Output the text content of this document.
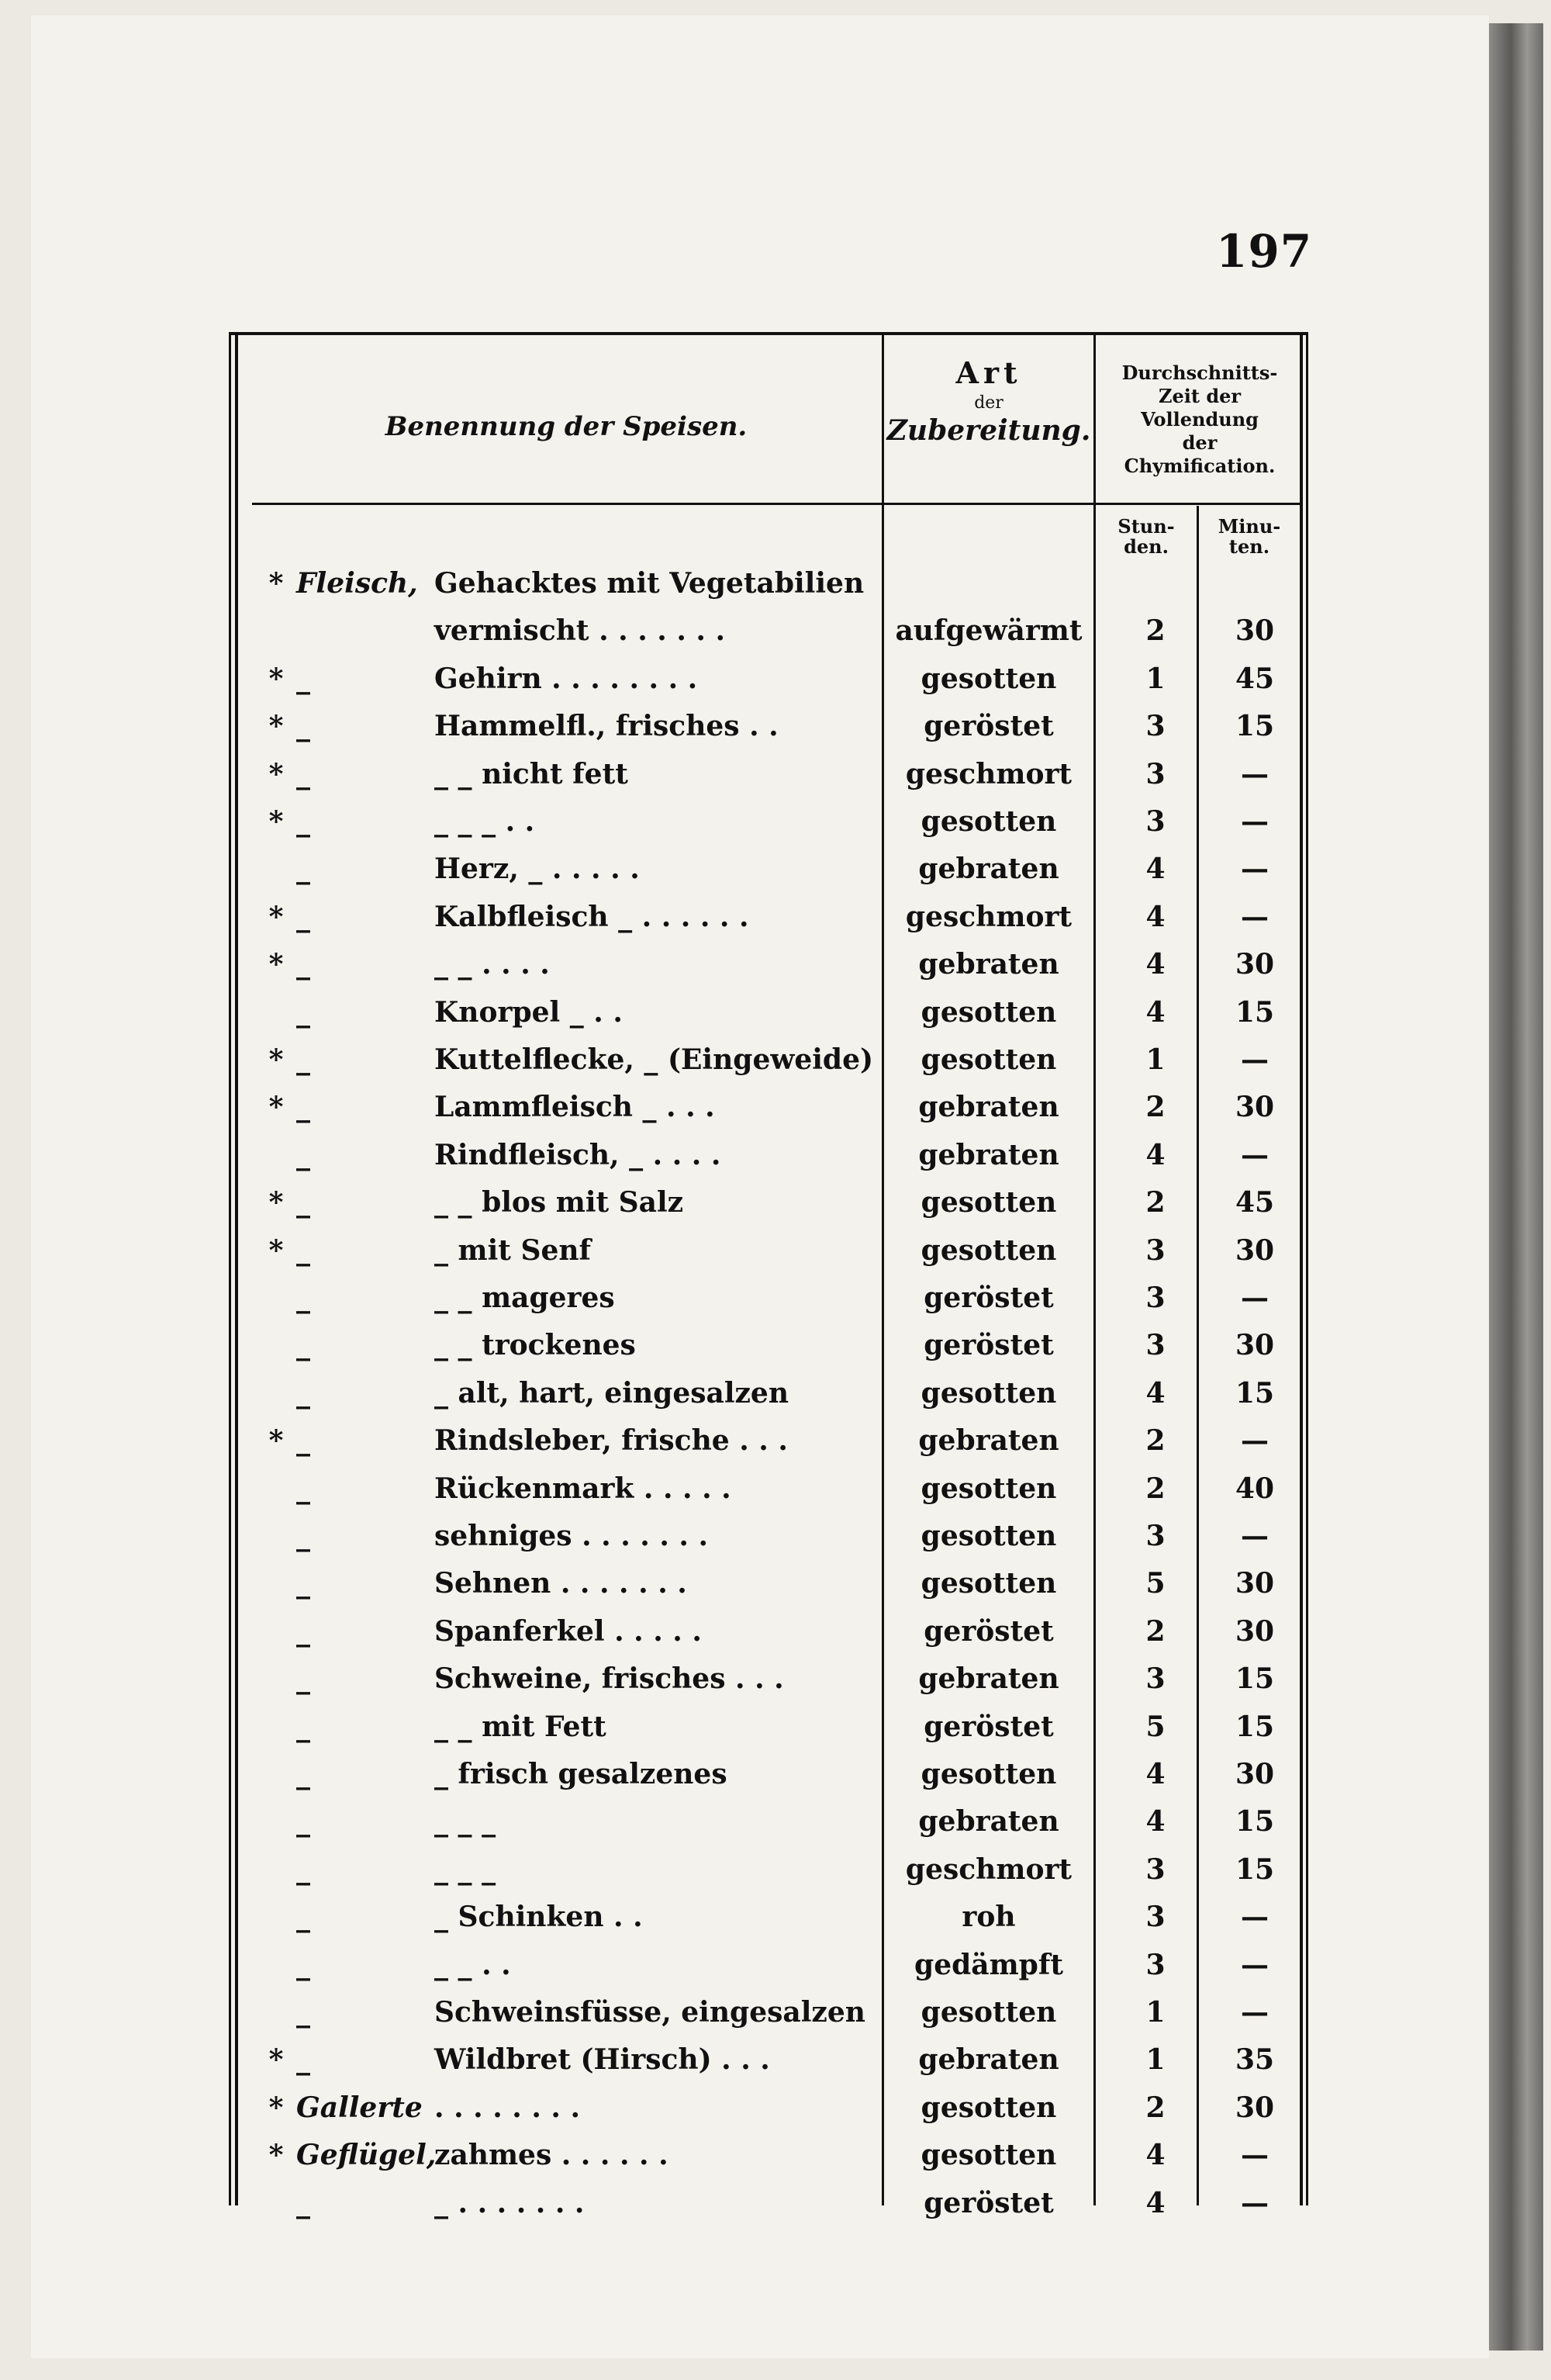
197
Benennung der Speisen.
Art
der
Zubereitung.
Durchschnitts-
Zeit der
Vollendung
der
Chymification.
Stun-
den.
Minu-
ten.
* Fleisch, Gehacktes mit Vegetabilien
vermischt . . . . . . .	aufgewärmt	2	30
* _	Gehirn . . . . . . . .	gesotten	1	45
* _	Hammelfl., frisches . .	geröstet	3	15
* _	_ _ nicht fett	geschmort	3	—
* _	_ _ _ . .	gesotten	3	—
_	Herz, _ . . . . .	gebraten	4	—
* _	Kalbfleisch _ . . . . . .	geschmort	4	—
* _	_ _ . . . .	gebraten	4	30
_	Knorpel _ . .	gesotten	4	15
* _	Kuttelflecke, _ (Eingeweide)	gesotten	1	—
* _	Lammfleisch _ . . .	gebraten	2	30
_	Rindfleisch, _ . . . .	gebraten	4	—
* _	_ _ blos mit Salz	gesotten	2	45
* _	_ mit Senf	gesotten	3	30
_	_ _ mageres	geröstet	3	—
_	_ _ trockenes	geröstet	3	30
_	_ alt, hart, eingesalzen	gesotten	4	15
* _	Rindsleber, frische . . .	gebraten	2	—
_	Rückenmark . . . . .	gesotten	2	40
_	sehniges . . . . . . .	gesotten	3	—
_	Sehnen . . . . . . .	gesotten	5	30
_	Spanferkel . . . . .	geröstet	2	30
_	Schweine, frisches . . .	gebraten	3	15
_	_ _ mit Fett	geröstet	5	15
_	_ frisch gesalzenes	gesotten	4	30
_	_ _ _	gebraten	4	15
_	_ _ _	geschmort	3	15
_	_ Schinken . .	roh	3	—
_	_ _ . .	gedämpft	3	—
_	Schweinsfüsse, eingesalzen	gesotten	1	—
* _	Wildbret (Hirsch) . . .	gebraten	1	35
* Gallerte . . . . . . . .	gesotten	2	30
* Geflügel,
zahmes . . . . . .	gesotten	4	—
_	_ . . . . . . .	geröstet	4	—
